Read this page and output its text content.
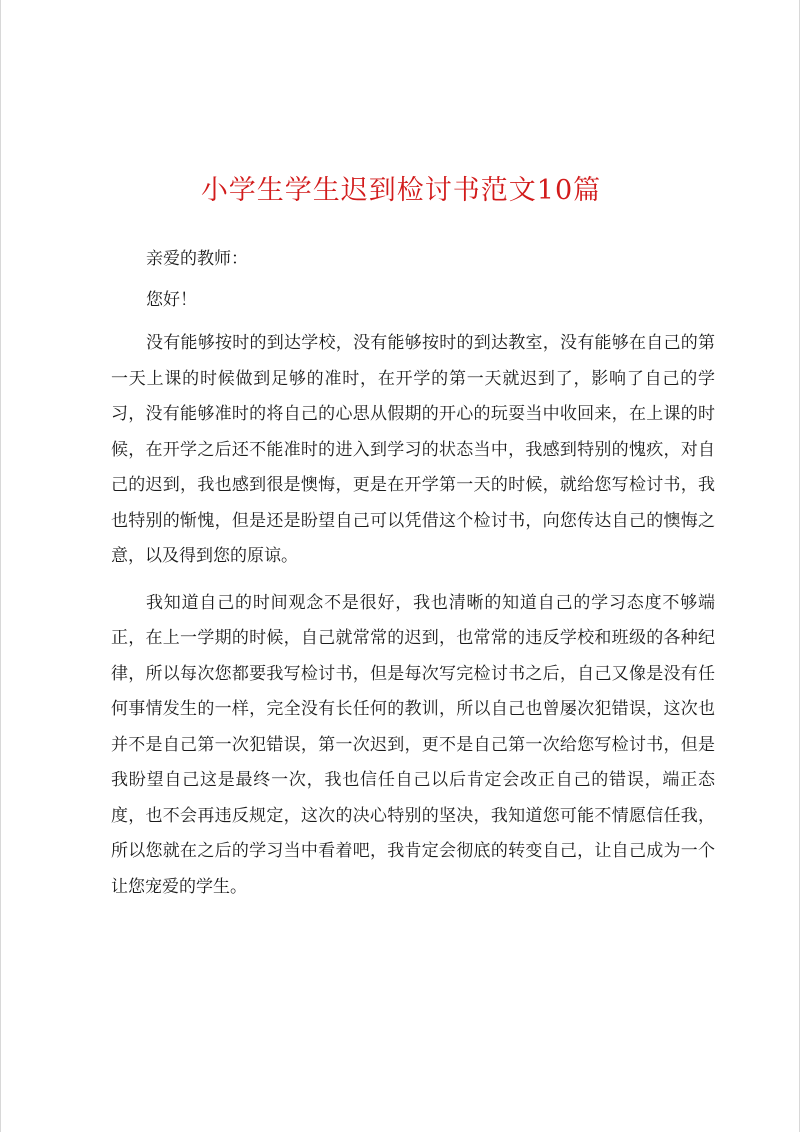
小学生学生迟到检讨书范文10篇

亲爱的教师：

您好！

没有能够按时的到达学校，没有能够按时的到达教室，没有能够在自己的第一天上课的时候做到足够的准时，在开学的第一天就迟到了，影响了自己的学习，没有能够准时的将自己的心思从假期的开心的玩耍当中收回来，在上课的时候，在开学之后还不能准时的进入到学习的状态当中，我感到特别的愧疚，对自己的迟到，我也感到很是懊悔，更是在开学第一天的时候，就给您写检讨书，我也特别的惭愧，但是还是盼望自己可以凭借这个检讨书，向您传达自己的懊悔之意，以及得到您的原谅。

我知道自己的时间观念不是很好，我也清晰的知道自己的学习态度不够端正，在上一学期的时候，自己就常常的迟到，也常常的违反学校和班级的各种纪律，所以每次您都要我写检讨书，但是每次写完检讨书之后，自己又像是没有任何事情发生的一样，完全没有长任何的教训，所以自己也曾屡次犯错误，这次也并不是自己第一次犯错误，第一次迟到，更不是自己第一次给您写检讨书，但是我盼望自己这是最终一次，我也信任自己以后肯定会改正自己的错误，端正态度，也不会再违反规定，这次的决心特别的坚决，我知道您可能不情愿信任我，所以您就在之后的学习当中看着吧，我肯定会彻底的转变自己，让自己成为一个让您宠爱的学生。
